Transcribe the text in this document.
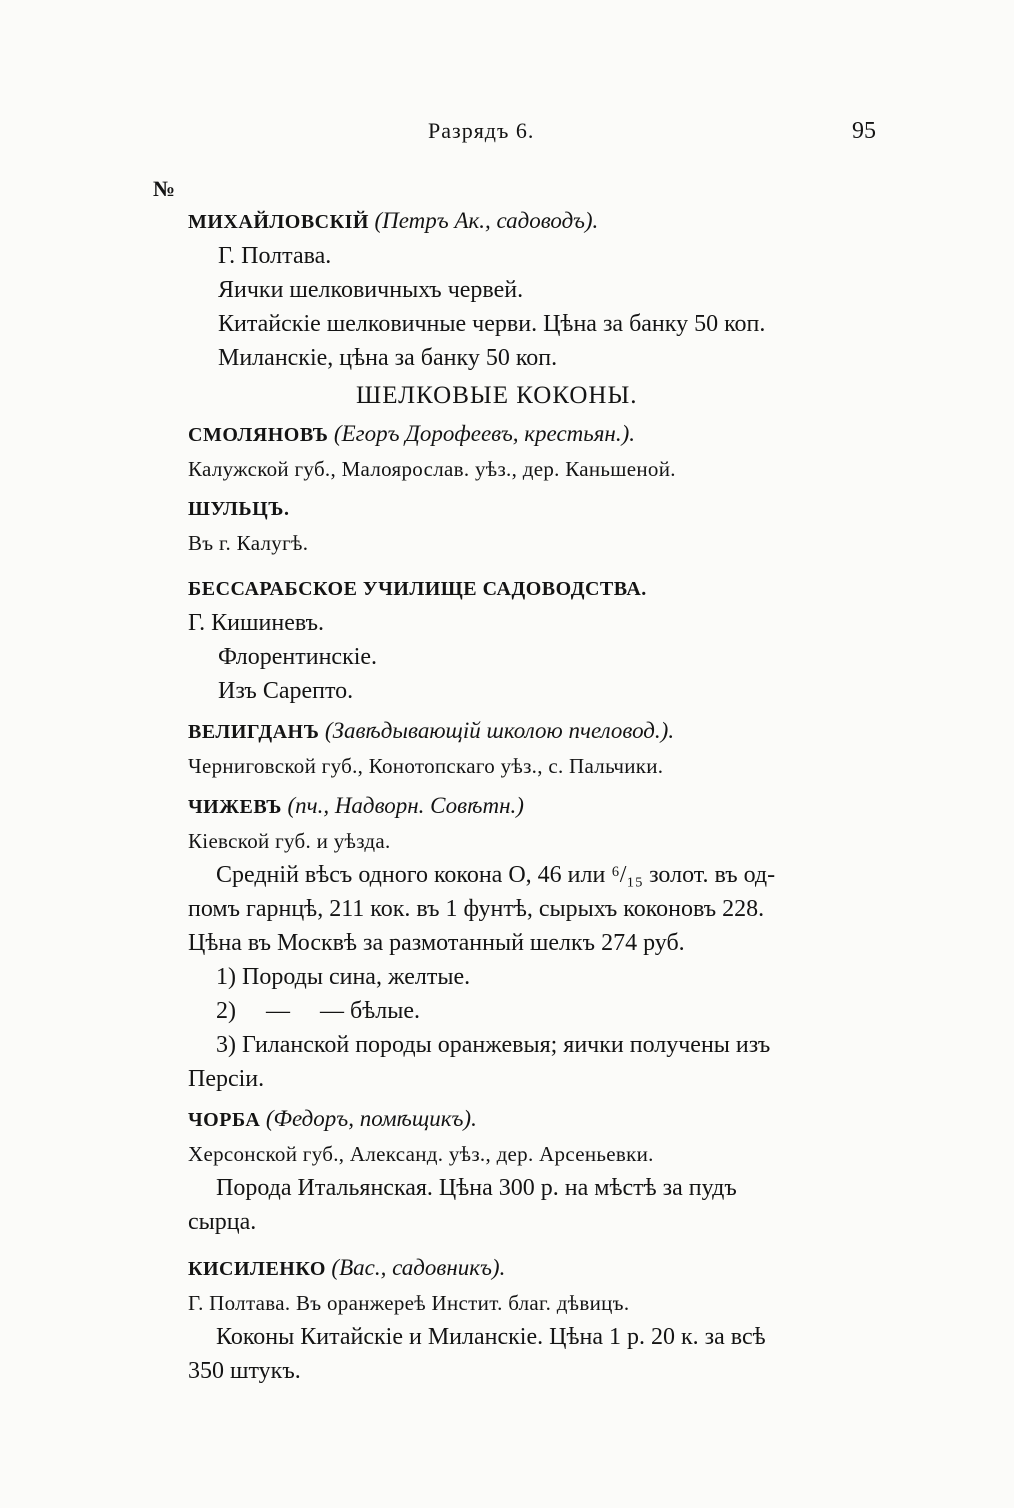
Разрядъ 6.	95
№
МИХАЙЛОВСКІЙ (Петръ Ак., садоводъ).
Г. Полтава.
Яички шелковичныхъ червей.
Китайскіе шелковичные черви. Цѣна за банку 50 коп.
Миланскіе, цѣна за банку 50 коп.
ШЕЛКОВЫЕ КОКОНЫ.
СМОЛЯНОВЪ (Егоръ Дорофеевъ, крестьян.).
Калужской губ., Малоярослав. уѣз., дер. Каньшеной.
ШУЛЬЦЪ.
Въ г. Калугѣ.
БЕССАРАБСКОЕ УЧИЛИЩЕ САДОВОДСТВА.
Г. Кишиневъ.
Флорентинскіе.
Изъ Сарепто.
ВЕЛИГДАНЪ (Завѣдывающій школою пчеловод.).
Черниговской губ., Конотопскаго уѣз., с. Пальчики.
ЧИЖЕВЪ (пч., Надворн. Совѣтн.)
Кіевской губ. и уѣзда.
Среднiй вѣсъ одного кокона О, 46 или ⁶/₁₅ золот. въ од-
помъ гарнцѣ, 211 кок. въ 1 фунтѣ, сырыхъ коконовъ 228.
Цѣна въ Москвѣ за размотанный шелкъ 274 руб.
1) Породы сина, желтые.
2)     —     — бѣлые.
3) Гиланской породы оранжевыя; яички получены изъ
Персіи.
ЧОРБА (Федоръ, помѣщикъ).
Херсонской губ., Александ. уѣз., дер. Арсеньевки.
Порода Итальянская. Цѣна 300 р. на мѣстѣ за пудъ
сырца.
КИСИЛЕНКО (Вас., садовникъ).
Г. Полтава. Въ оранжереѣ Инстит. благ. дѣвицъ.
Коконы Китайскіе и Миланскіе. Цѣна 1 р. 20 к. за всѣ
350 штукъ.
